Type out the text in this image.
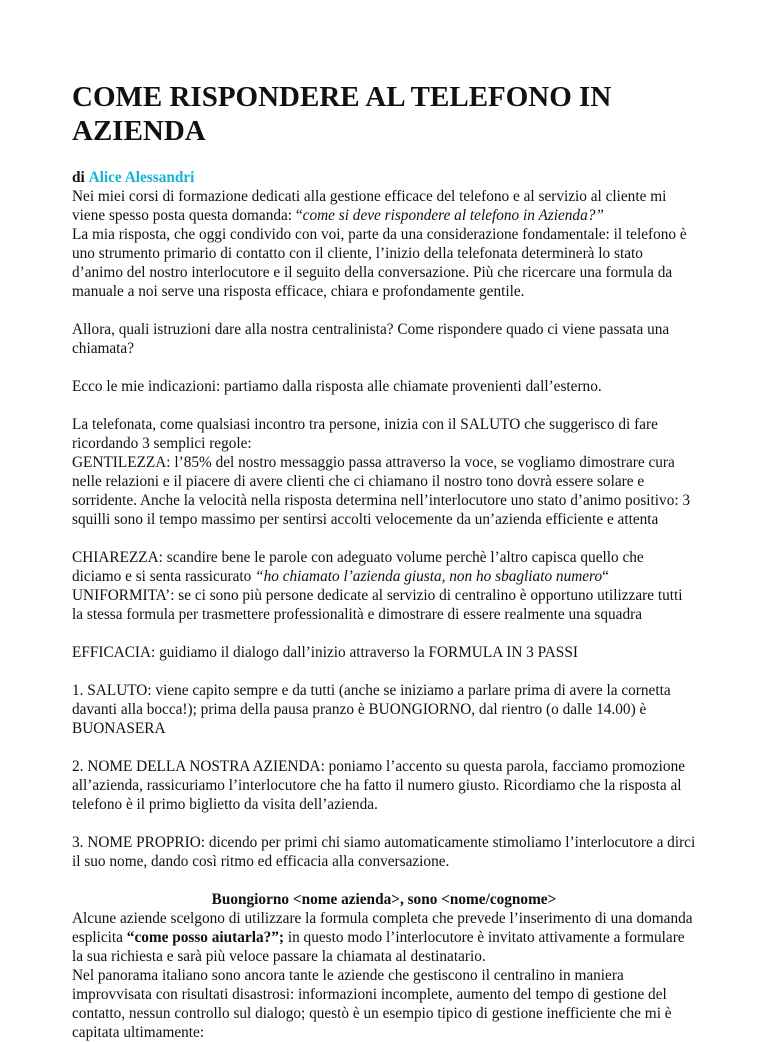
COME RISPONDERE AL TELEFONO IN AZIENDA

di Alice Alessandri
Nei miei corsi di formazione dedicati alla gestione efficace del telefono e al servizio al cliente mi viene spesso posta questa domanda: “come si deve rispondere al telefono in Azienda?”
La mia risposta, che oggi condivido con voi, parte da una considerazione fondamentale: il telefono è uno strumento primario di contatto con il cliente, l’inizio della telefonata determinerà lo stato d’animo del nostro interlocutore e il seguito della conversazione. Più che ricercare una formula da manuale a noi serve una risposta efficace, chiara e profondamente gentile.

Allora, quali istruzioni dare alla nostra centralinista? Come rispondere quado ci viene passata una chiamata?

Ecco le mie indicazioni: partiamo dalla risposta alle chiamate provenienti dall’esterno.

La telefonata, come qualsiasi incontro tra persone, inizia con il SALUTO che suggerisco di fare ricordando 3 semplici regole:
GENTILEZZA: l’85% del nostro messaggio passa attraverso la voce, se vogliamo dimostrare cura nelle relazioni e il piacere di avere clienti che ci chiamano il nostro tono dovrà essere solare e sorridente. Anche la velocità nella risposta determina nell’interlocutore uno stato d’animo positivo: 3 squilli sono il tempo massimo per sentirsi accolti velocemente da un’azienda efficiente e attenta

CHIAREZZA: scandire bene le parole con adeguato volume perchè l’altro capisca quello che diciamo e si senta rassicurato “ho chiamato l’azienda giusta, non ho sbagliato numero“
UNIFORMITA’: se ci sono più persone dedicate al servizio di centralino è opportuno utilizzare tutti la stessa formula per trasmettere professionalità e dimostrare di essere realmente una squadra

EFFICACIA: guidiamo il dialogo dall’inizio attraverso la FORMULA IN 3 PASSI

1. SALUTO: viene capito sempre e da tutti (anche se iniziamo a parlare prima di avere la cornetta davanti alla bocca!); prima della pausa pranzo è BUONGIORNO, dal rientro (o dalle 14.00) è BUONASERA

2. NOME DELLA NOSTRA AZIENDA: poniamo l’accento su questa parola, facciamo promozione all’azienda, rassicuriamo l’interlocutore che ha fatto il numero giusto. Ricordiamo che la risposta al telefono è il primo biglietto da visita dell’azienda.

3. NOME PROPRIO: dicendo per primi chi siamo automaticamente stimoliamo l’interlocutore a dirci il suo nome, dando così ritmo ed efficacia alla conversazione.

Buongiorno <nome azienda>, sono <nome/cognome>
Alcune aziende scelgono di utilizzare la formula completa che prevede l’inserimento di una domanda esplicita “come posso aiutarla?”; in questo modo l’interlocutore è invitato attivamente a formulare la sua richiesta e sarà più veloce passare la chiamata al destinatario.
Nel panorama italiano sono ancora tante le aziende che gestiscono il centralino in maniera improvvisata con risultati disastrosi: informazioni incomplete, aumento del tempo di gestione del contatto, nessun controllo sul dialogo; questò è un esempio tipico di gestione inefficiente che mi è capitata ultimamente:
